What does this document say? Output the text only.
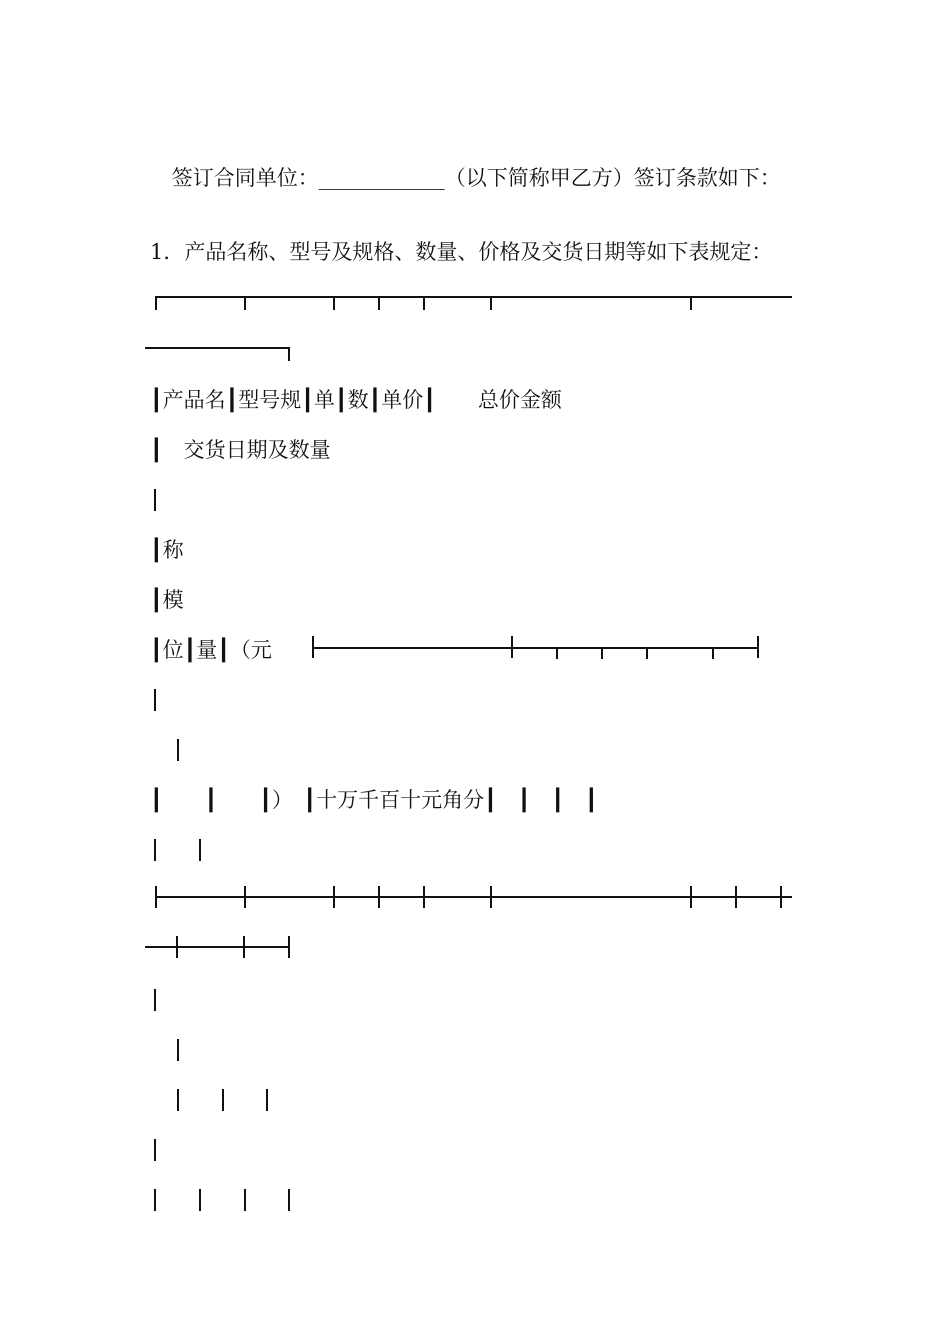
签订合同单位：____________（以下简称甲乙方）签订条款如下：

1．产品名称、型号及规格、数量、价格及交货日期等如下表规定：
┃产品名┃型号规┃单┃数┃单价┃　　总价金额
┃　交货日期及数量
┃称
┃模
┃位┃量┃（元
┃　　┃　　┃）　┃十万千百十元角分┃　┃　┃　┃
